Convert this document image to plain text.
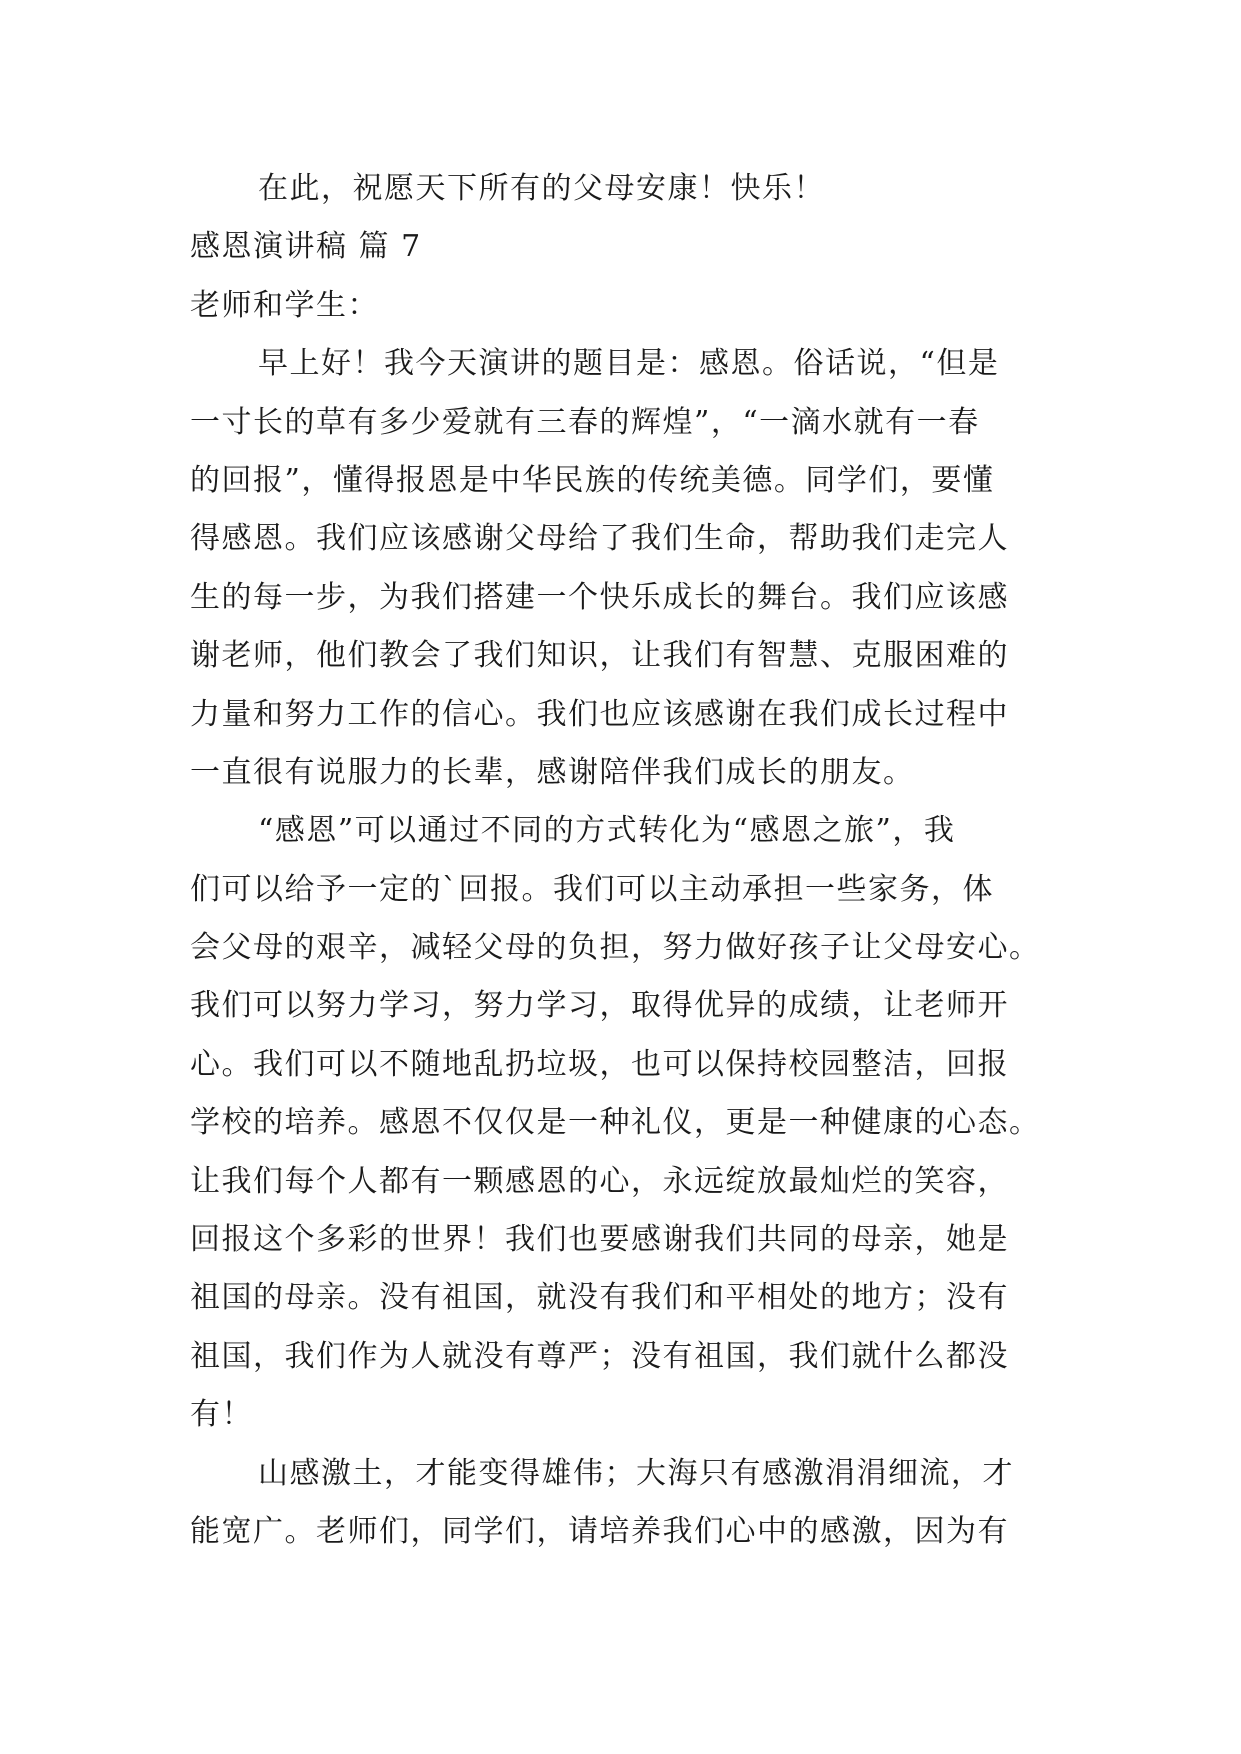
在此，祝愿天下所有的父母安康！快乐！
感恩演讲稿 篇 7
老师和学生：
早上好！我今天演讲的题目是：感恩。俗话说，“但是
一寸长的草有多少爱就有三春的辉煌”，“一滴水就有一春
的回报”，懂得报恩是中华民族的传统美德。同学们，要懂
得感恩。我们应该感谢父母给了我们生命，帮助我们走完人
生的每一步，为我们搭建一个快乐成长的舞台。我们应该感
谢老师，他们教会了我们知识，让我们有智慧、克服困难的
力量和努力工作的信心。我们也应该感谢在我们成长过程中
一直很有说服力的长辈，感谢陪伴我们成长的朋友。
“感恩”可以通过不同的方式转化为“感恩之旅”，我
们可以给予一定的`回报。我们可以主动承担一些家务，体
会父母的艰辛，减轻父母的负担，努力做好孩子让父母安心。
我们可以努力学习，努力学习，取得优异的成绩，让老师开
心。我们可以不随地乱扔垃圾，也可以保持校园整洁，回报
学校的培养。感恩不仅仅是一种礼仪，更是一种健康的心态。
让我们每个人都有一颗感恩的心，永远绽放最灿烂的笑容，
回报这个多彩的世界！我们也要感谢我们共同的母亲，她是
祖国的母亲。没有祖国，就没有我们和平相处的地方；没有
祖国，我们作为人就没有尊严；没有祖国，我们就什么都没
有！
山感激土，才能变得雄伟；大海只有感激涓涓细流，才
能宽广。老师们，同学们，请培养我们心中的感激，因为有
